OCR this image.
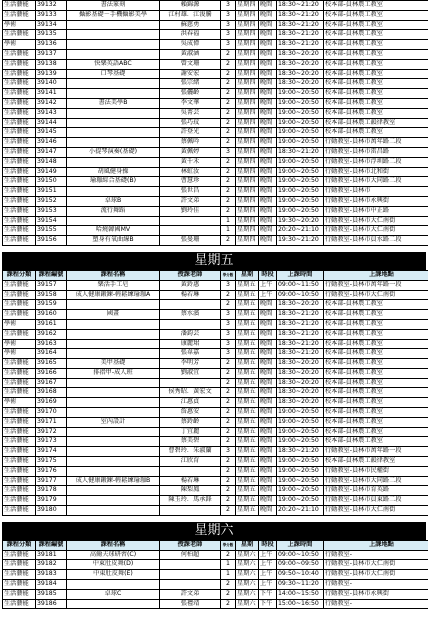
生活藝能	39132	書法篆刻	賴錦源	3	星期四	晚間	18:30~21:20	校本部-員林農工教室
生活藝能	39133	攝影基礎－手機攝影美學	江村雄．江浚騰	3	星期四	晚間	18:30~21:20	校本部-員林農工教室
學術	39134		蘇慈勇	3	星期四	晚間	18:30~21:20	校本部-員林農工教室
生活藝能	39135		洪春福	3	星期四	晚間	18:30~21:20	校本部-員林農工教室
學術	39136		吳成偉	3	星期四	晚間	18:30~21:20	校本部-員林農工教室
生活藝能	39137		黃淑涵	2	星期四	晚間	18:30~20:20	校本部-員林農工教室
生活藝能	39138	快樂英語ABC	曾文珊	2	星期四	晚間	18:30~20:20	校本部-員林農工教室
生活藝能	39139	口琴基礎	謝安宏	2	星期四	晚間	18:30~20:20	校本部-員林農工教室
生活藝能	39140		張宗緒	2	星期四	晚間	18:30~20:20	校本部-員林農工教室
生活藝能	39141		張儷齡	2	星期四	晚間	19:00~20:50	校本部-員林農工教室
生活藝能	39142	書法美學B	李文華	2	星期四	晚間	19:00~20:50	校本部-員林農工教室
生活藝能	39143		吳菁芸	2	星期四	晚間	19:00~20:50	校本部-員林農工教室
生活藝能	39144		張巧玟	2	星期四	晚間	19:00~20:50	校本部-員林農工韻律教室
生活藝能	39145		許登光	2	星期四	晚間	19:00~20:50	校本部-員林農工教室
生活藝能	39146		蔡佩吟	2	星期四	晚間	19:00~20:50	行動教室-員林市萬年路二段
生活藝能	39147	小提琴演奏(基礎)	黃佩婷	3	星期四	晚間	18:30~21:20	行動教室-員林市雷昌路
生活藝能	39148		黃千禾	2	星期四	晚間	19:00~20:50	行動教室-員林市浮圳路二段
生活藝能	39149	胡風健身操	林虹汝	2	星期四	晚間	19:00~20:50	行動教室-員林市北和街
生活藝能	39150	瑜珈綜合基礎(B)	曹慧珍	2	星期四	晚間	19:00~20:50	行動教室-員林市大同路二段
生活藝能	39151		張世昌	2	星期四	晚間	19:00~20:50	行動教室-員林市
生活藝能	39152	卓球B	許文弟	2	星期四	晚間	19:00~20:50	行動教室-員林市永興街
生活藝能	39153	流行舞蹈	劉玲佳	2	星期四	晚間	19:00~20:50	行動教室-員林市中正路
生活藝能	39154			1	星期四	晚間	19:30~20:20	行動教室-員林市大仁南街
生活藝能	39155	哈燒韓國MV		1	星期四	晚間	20:20~21:10	行動教室-員林市大仁南街
生活藝能	39156	塑身有氧曲線B	張曼珊	2	星期四	晚間	19:30~21:20	行動教室-員林市員水路二段
星期五
課程分類	課程編號	課程名稱	授課老師	學分數	星期	時段	上課時間	上課地點
生活藝能	39157	樂活手工皂	黃鈴惠	3	星期五	上午	09:00~11:50	行動教室-員林市萬年路一段
生活藝能	39158	成人健康鍛鍊-輕鬆練瑜珈A	楊若琳	2	星期五	上午	09:00~10:50	行動教室-員林市大仁南街
生活藝能	39159			2	星期五	晚間	18:30~20:20	校本部-員林農工教室
生活藝能	39160	國畫	蔡水濱	3	星期五	晚間	18:30~21:20	校本部-員林農工教室
學術	39161			3	星期五	晚間	18:30~21:20	校本部-員林農工教室
生活藝能	39162		潘鈞芸	3	星期五	晚間	18:30~21:20	校本部-員林農工教室
學術	39163		康麗珺	3	星期五	晚間	18:30~21:20	校本部-員林農工教室
學術	39164		張韋嘉	3	星期五	晚間	18:30~21:20	校本部-員林農工教室
生活藝能	39165	美甲基礎	李明芳	2	星期五	晚間	18:30~20:20	校本部-員林農工教室
生活藝能	39166	排指甲-成人班	劉淑宜	2	星期五	晚間	18:30~20:20	校本部-員林農工教室
生活藝能	39167			2	星期五	晚間	18:30~20:20	校本部-員林農工教室
生活藝能	39168		侯秀昭．黃宏文	2	星期五	晚間	18:30~20:20	校本部-員林農工教室
學術	39169		江惠貞	2	星期五	晚間	18:30~20:20	校本部-員林農工教室
生活藝能	39170		詹惠安	2	星期五	晚間	19:00~20:50	校本部-員林農工教室
生活藝能	39171	室內設計	蔡鈴齡	2	星期五	晚間	19:00~20:50	校本部-員林農工教室
生活藝能	39172		丁宜麗	2	星期五	晚間	19:00~20:50	校本部-員林農工教室
生活藝能	39173		蔡美碧	2	星期五	晚間	19:00~20:50	校本部-員林農工教室
生活藝能	39174		曹碧玲．朱淑蘭	3	星期五	晚間	18:30~21:20	行動教室-員林市萬年路一段
生活藝能	39175		江欣育	2	星期五	晚間	19:00~20:50	校本部-員林農工韻律教室
生活藝能	39176			2	星期五	晚間	19:00~20:50	行動教室-員林市民權街
生活藝能	39177	成人健康鍛鍊-輕鬆練瑜珈B	楊若琳	2	星期五	晚間	19:00~20:50	行動教室-員林市大同路二段
生活藝能	39178		陳梨鳳	2	星期五	晚間	19:00~20:50	行動教室-員林市育英路
生活藝能	39179		陳玉玲．馬承鋒	2	星期五	晚間	19:00~20:50	行動教室-員林市員東路二段
生活藝能	39180			2	星期五	晚間	20:20~21:10	行動教室-員林市大仁南街
星期六
課程分類	課程編號	課程名稱	授課老師	學分數	星期	時段	上課時間	上課地點
生活藝能	39181	高爾夫球研習(C)	何柏超	2	星期六	上午	09:00~10:50	行動教室-
生活藝能	39182	中東肚皮舞(D)		1	星期六	上午	09:00~09:50	行動教室-員林市大仁南街
生活藝能	39183	中東肚皮舞(E)		1	星期六	上午	09:50~10:40	行動教室-員林市大仁南街
生活藝能	39184			2	星期六	上午	09:30~11:20	行動教室-
生活藝能	39185	卓球C	許文弟	2	星期六	下午	14:00~15:50	行動教室-員林市永興街
生活藝能	39186		張禮靖	2	星期六	下午	15:00~16:50	行動教室-
